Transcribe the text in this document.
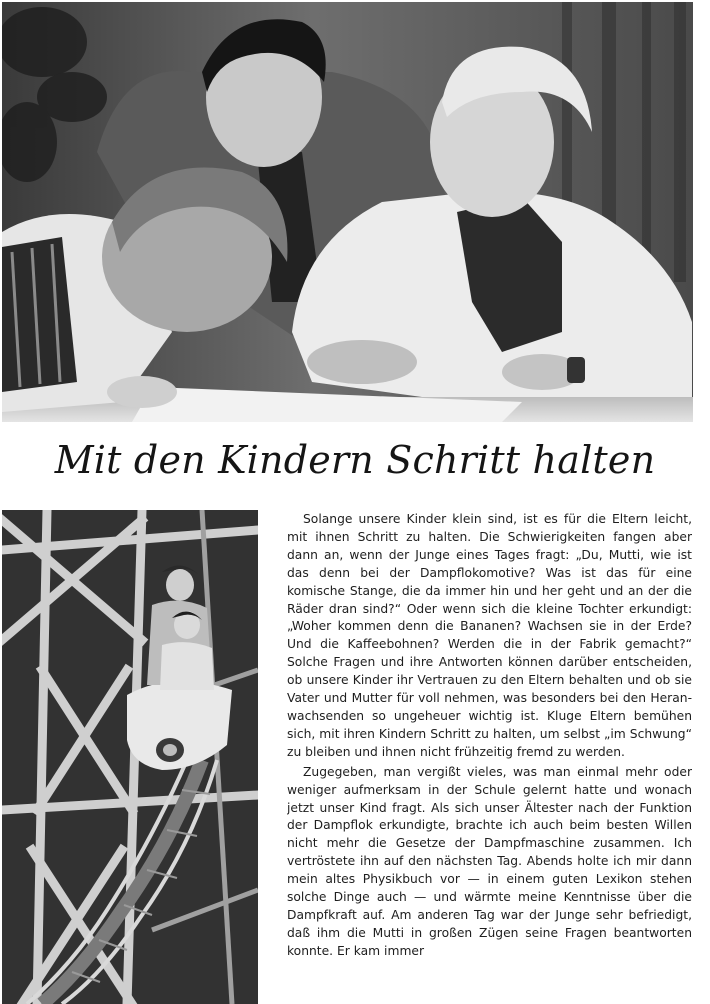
Mit den Kindern Schritt halten

Solange unsere Kinder klein sind, ist es für die Eltern leicht, mit ihnen Schritt zu halten. Die Schwierigkeiten fangen aber dann an, wenn der Junge eines Tages fragt: „Du, Mutti, wie ist das denn bei der Dampflokomotive? Was ist das für eine komische Stange, die da immer hin und her geht und an der die Räder dran sind?“ Oder wenn sich die kleine Tochter erkundigt: „Woher kommen denn die Bananen? Wachsen sie in der Erde? Und die Kaffeebohnen? Werden die in der Fabrik gemacht?“ Solche Fragen und ihre Antworten können darüber entscheiden, ob unsere Kinder ihr Vertrauen zu den Eltern behalten und ob sie Vater und Mutter für voll nehmen, was besonders bei den Heranwachsenden so ungeheuer wichtig ist. Kluge Eltern bemühen sich, mit ihren Kindern Schritt zu halten, um selbst „im Schwung“ zu bleiben und ihnen nicht frühzeitig fremd zu werden.

Zugegeben, man vergißt vieles, was man einmal mehr oder weniger aufmerksam in der Schule gelernt hatte und wonach jetzt unser Kind fragt. Als sich unser Ältester nach der Funktion der Dampflok erkundigte, brachte ich auch beim besten Willen nicht mehr die Gesetze der Dampfmaschine zusammen. Ich vertröstete ihn auf den nächsten Tag. Abends holte ich mir dann mein altes Physikbuch vor — in einem guten Lexikon stehen solche Dinge auch — und wärmte meine Kenntnisse über die Dampfkraft auf. Am anderen Tag war der Junge sehr befriedigt, daß ihm die Mutti in großen Zügen seine Fragen beantworten konnte. Er kam immer
